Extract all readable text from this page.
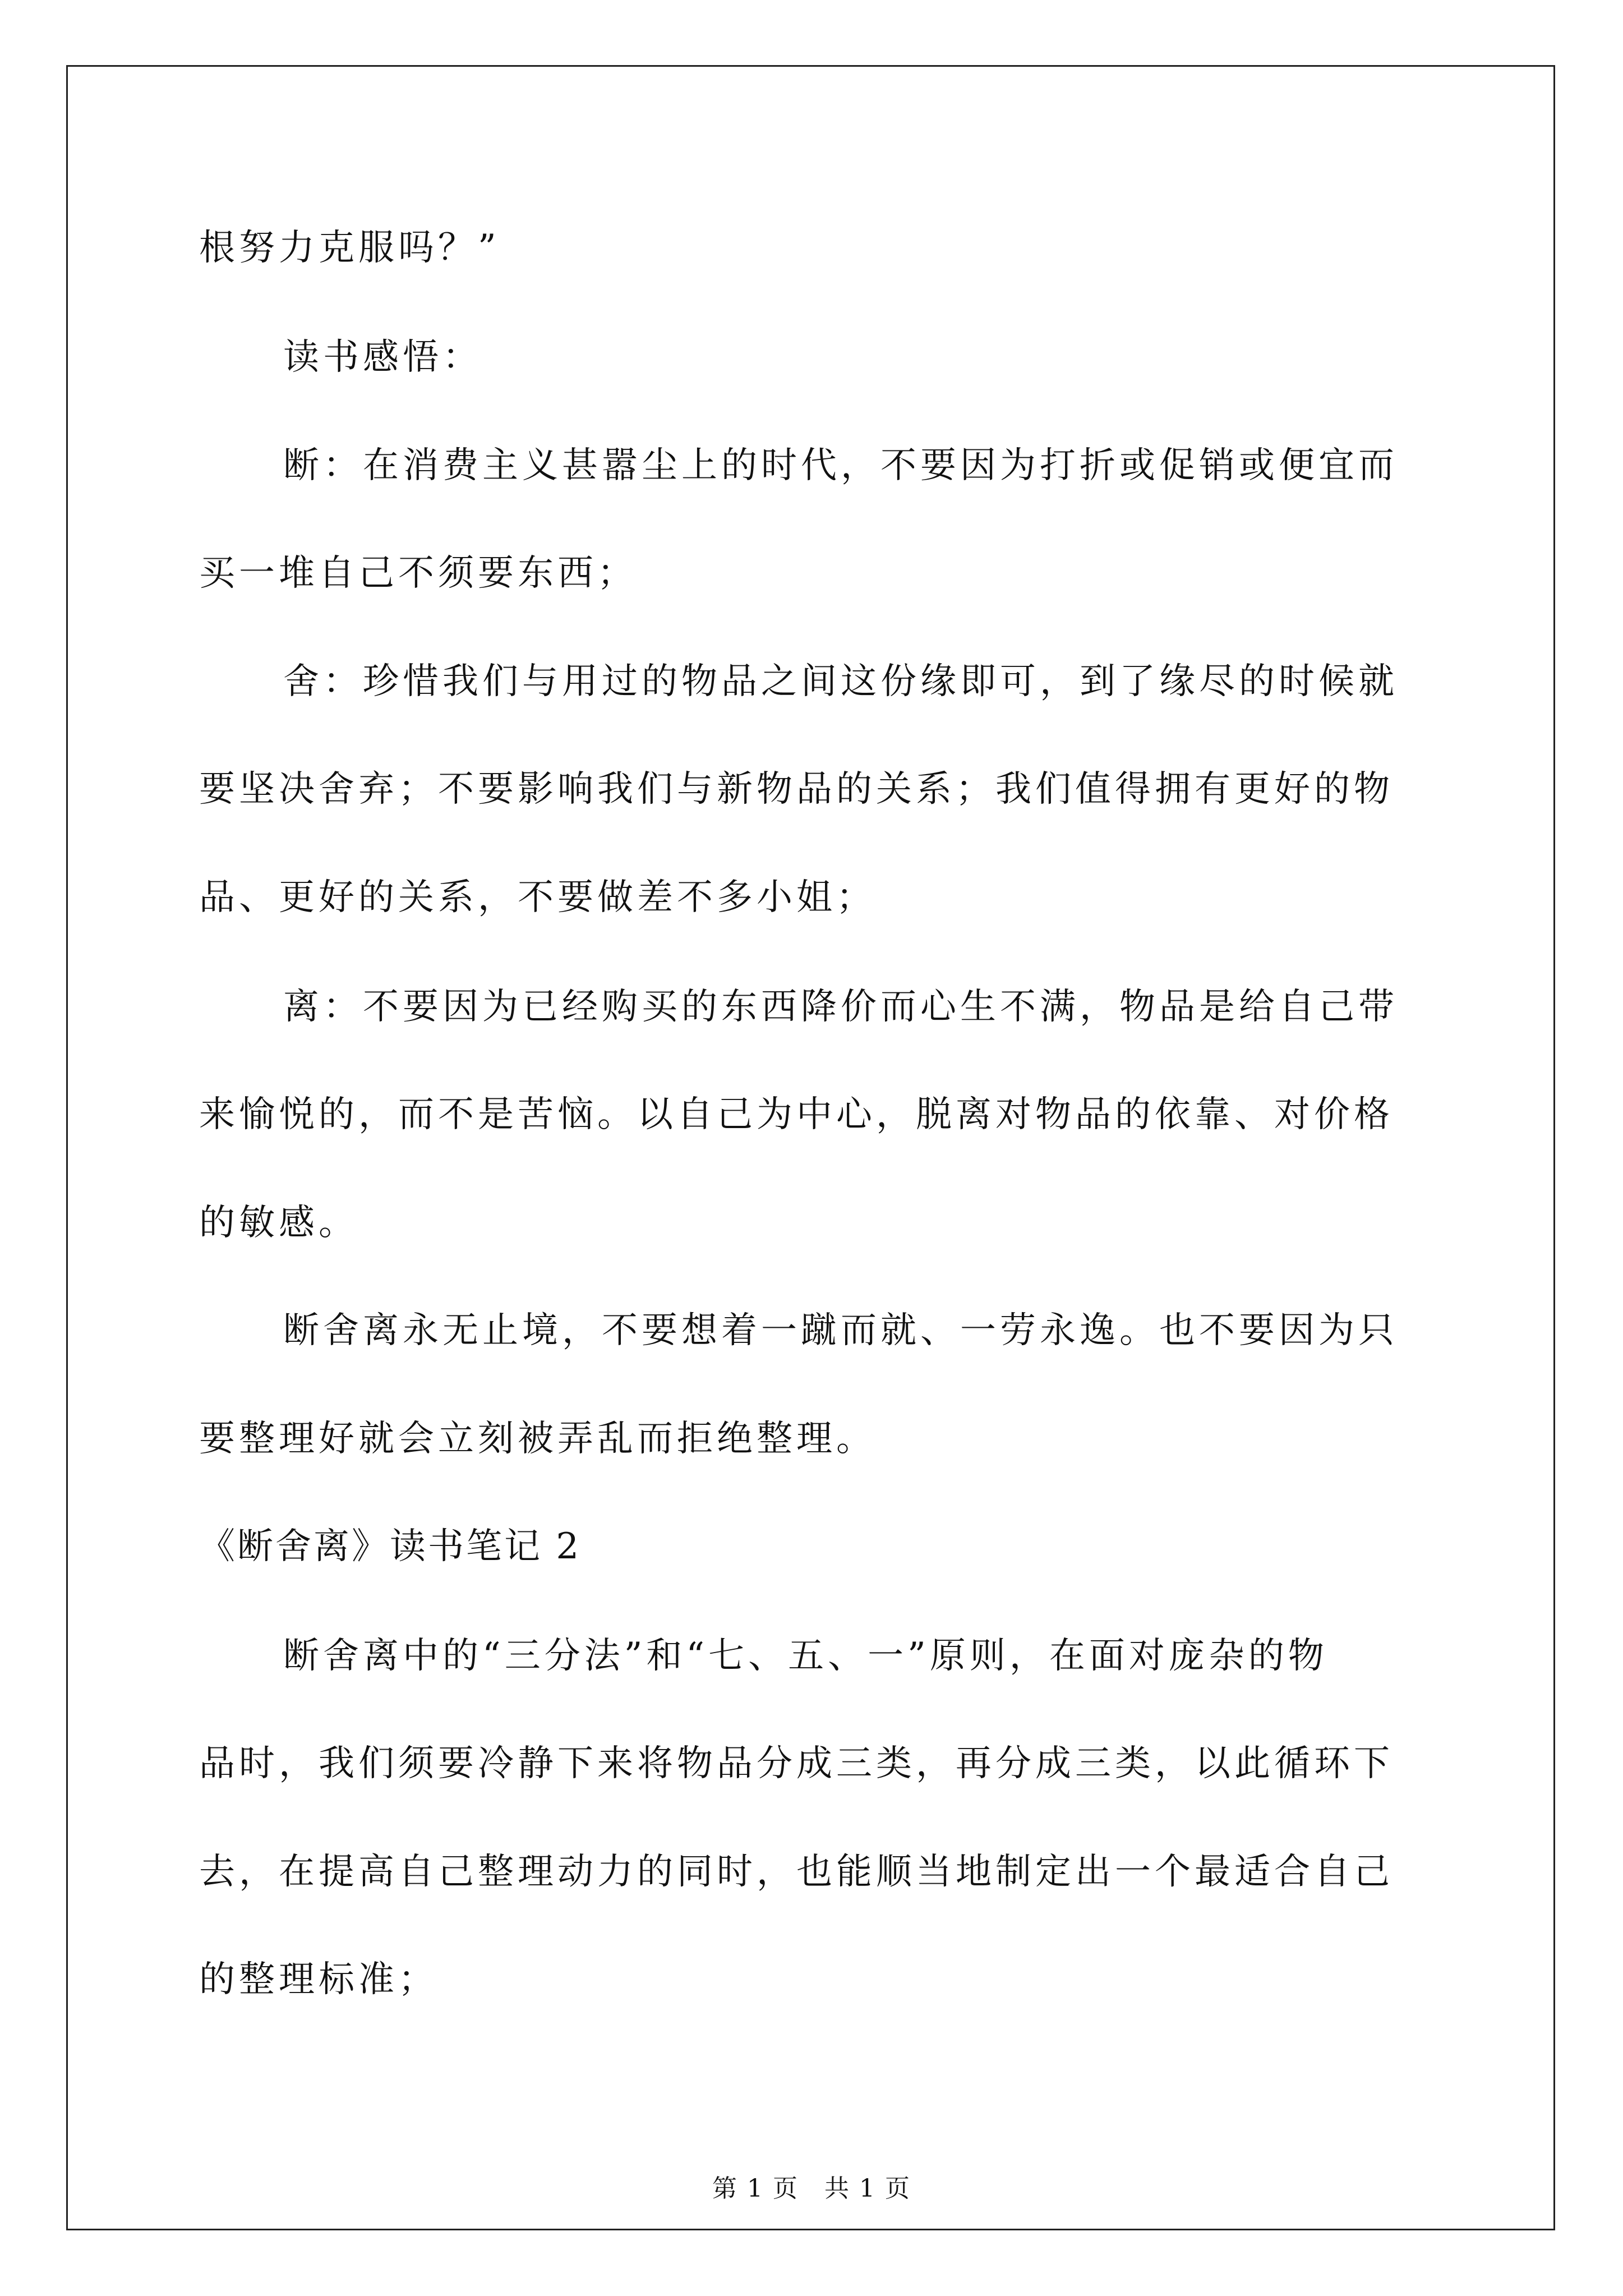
根努力克服吗？”
读书感悟：
断：在消费主义甚嚣尘上的时代，不要因为打折或促销或便宜而
买一堆自己不须要东西；
舍：珍惜我们与用过的物品之间这份缘即可，到了缘尽的时候就
要坚决舍弃；不要影响我们与新物品的关系；我们值得拥有更好的物
品、更好的关系，不要做差不多小姐；
离：不要因为已经购买的东西降价而心生不满，物品是给自己带
来愉悦的，而不是苦恼。以自己为中心，脱离对物品的依靠、对价格
的敏感。
断舍离永无止境，不要想着一蹴而就、一劳永逸。也不要因为只
要整理好就会立刻被弄乱而拒绝整理。
《断舍离》读书笔记 2
断舍离中的“三分法”和“七、五、一”原则，在面对庞杂的物
品时，我们须要冷静下来将物品分成三类，再分成三类，以此循环下
去，在提高自己整理动力的同时，也能顺当地制定出一个最适合自己
的整理标准；
第 1 页　共 1 页
